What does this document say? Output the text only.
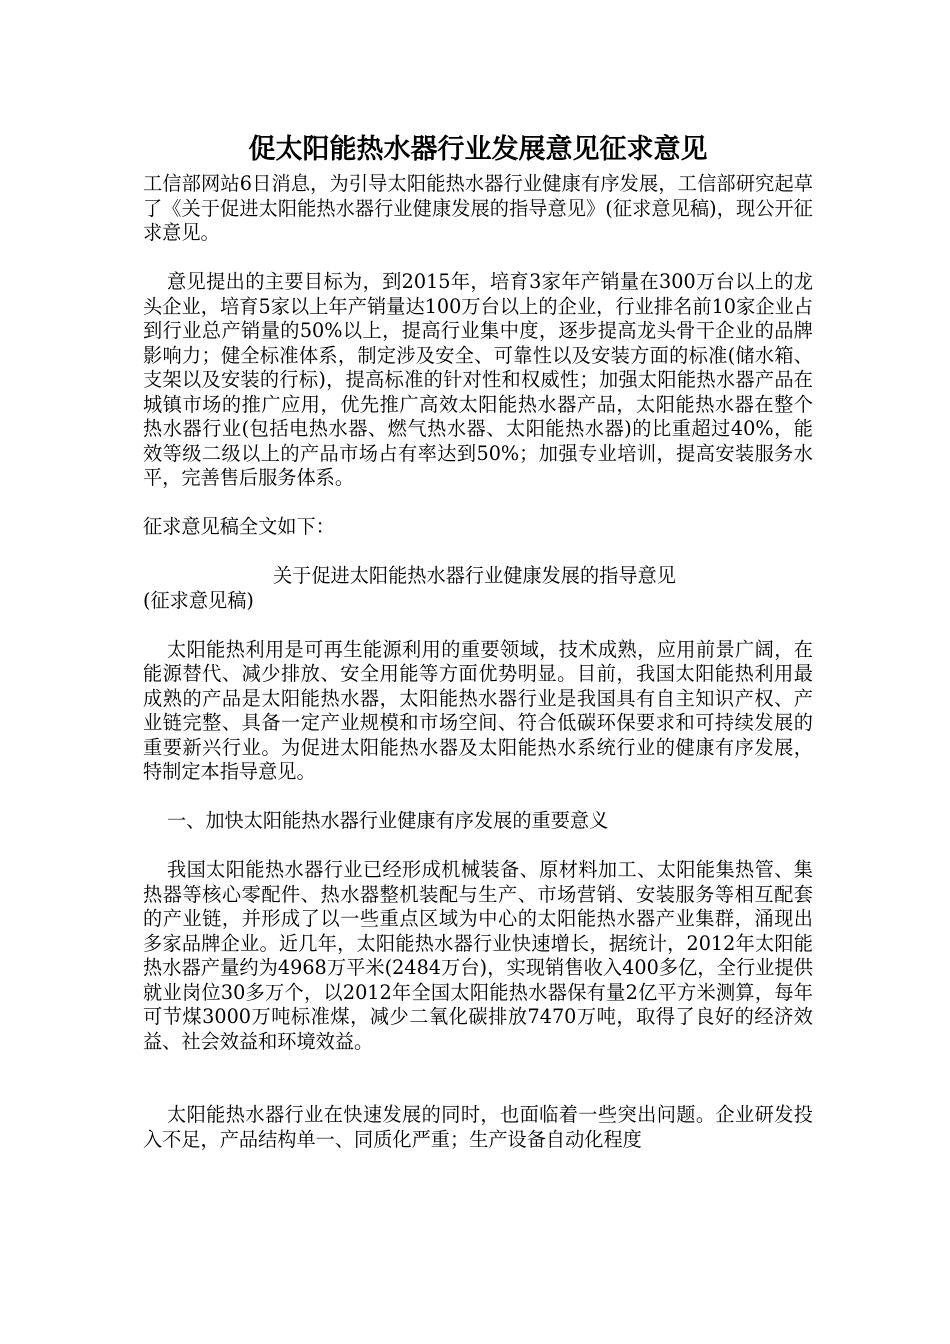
促太阳能热水器行业发展意见征求意见

工信部网站6日消息，为引导太阳能热水器行业健康有序发展，工信部研究起草了《关于促进太阳能热水器行业健康发展的指导意见》(征求意见稿)，现公开征求意见。

意见提出的主要目标为，到2015年，培育3家年产销量在300万台以上的龙头企业，培育5家以上年产销量达100万台以上的企业，行业排名前10家企业占到行业总产销量的50%以上，提高行业集中度，逐步提高龙头骨干企业的品牌影响力；健全标准体系，制定涉及安全、可靠性以及安装方面的标准(储水箱、支架以及安装的行标)，提高标准的针对性和权威性；加强太阳能热水器产品在城镇市场的推广应用，优先推广高效太阳能热水器产品，太阳能热水器在整个热水器行业(包括电热水器、燃气热水器、太阳能热水器)的比重超过40%，能效等级二级以上的产品市场占有率达到50%；加强专业培训，提高安装服务水平，完善售后服务体系。

征求意见稿全文如下：

关于促进太阳能热水器行业健康发展的指导意见

(征求意见稿)

太阳能热利用是可再生能源利用的重要领域，技术成熟，应用前景广阔，在能源替代、减少排放、安全用能等方面优势明显。目前，我国太阳能热利用最成熟的产品是太阳能热水器，太阳能热水器行业是我国具有自主知识产权、产业链完整、具备一定产业规模和市场空间、符合低碳环保要求和可持续发展的重要新兴行业。为促进太阳能热水器及太阳能热水系统行业的健康有序发展，特制定本指导意见。

一、加快太阳能热水器行业健康有序发展的重要意义

我国太阳能热水器行业已经形成机械装备、原材料加工、太阳能集热管、集热器等核心零配件、热水器整机装配与生产、市场营销、安装服务等相互配套的产业链，并形成了以一些重点区域为中心的太阳能热水器产业集群，涌现出多家品牌企业。近几年，太阳能热水器行业快速增长，据统计，2012年太阳能热水器产量约为4968万平米(2484万台)，实现销售收入400多亿，全行业提供就业岗位30多万个，以2012年全国太阳能热水器保有量2亿平方米测算，每年可节煤3000万吨标准煤，减少二氧化碳排放7470万吨，取得了良好的经济效益、社会效益和环境效益。

太阳能热水器行业在快速发展的同时，也面临着一些突出问题。企业研发投入不足，产品结构单一、同质化严重；生产设备自动化程度
